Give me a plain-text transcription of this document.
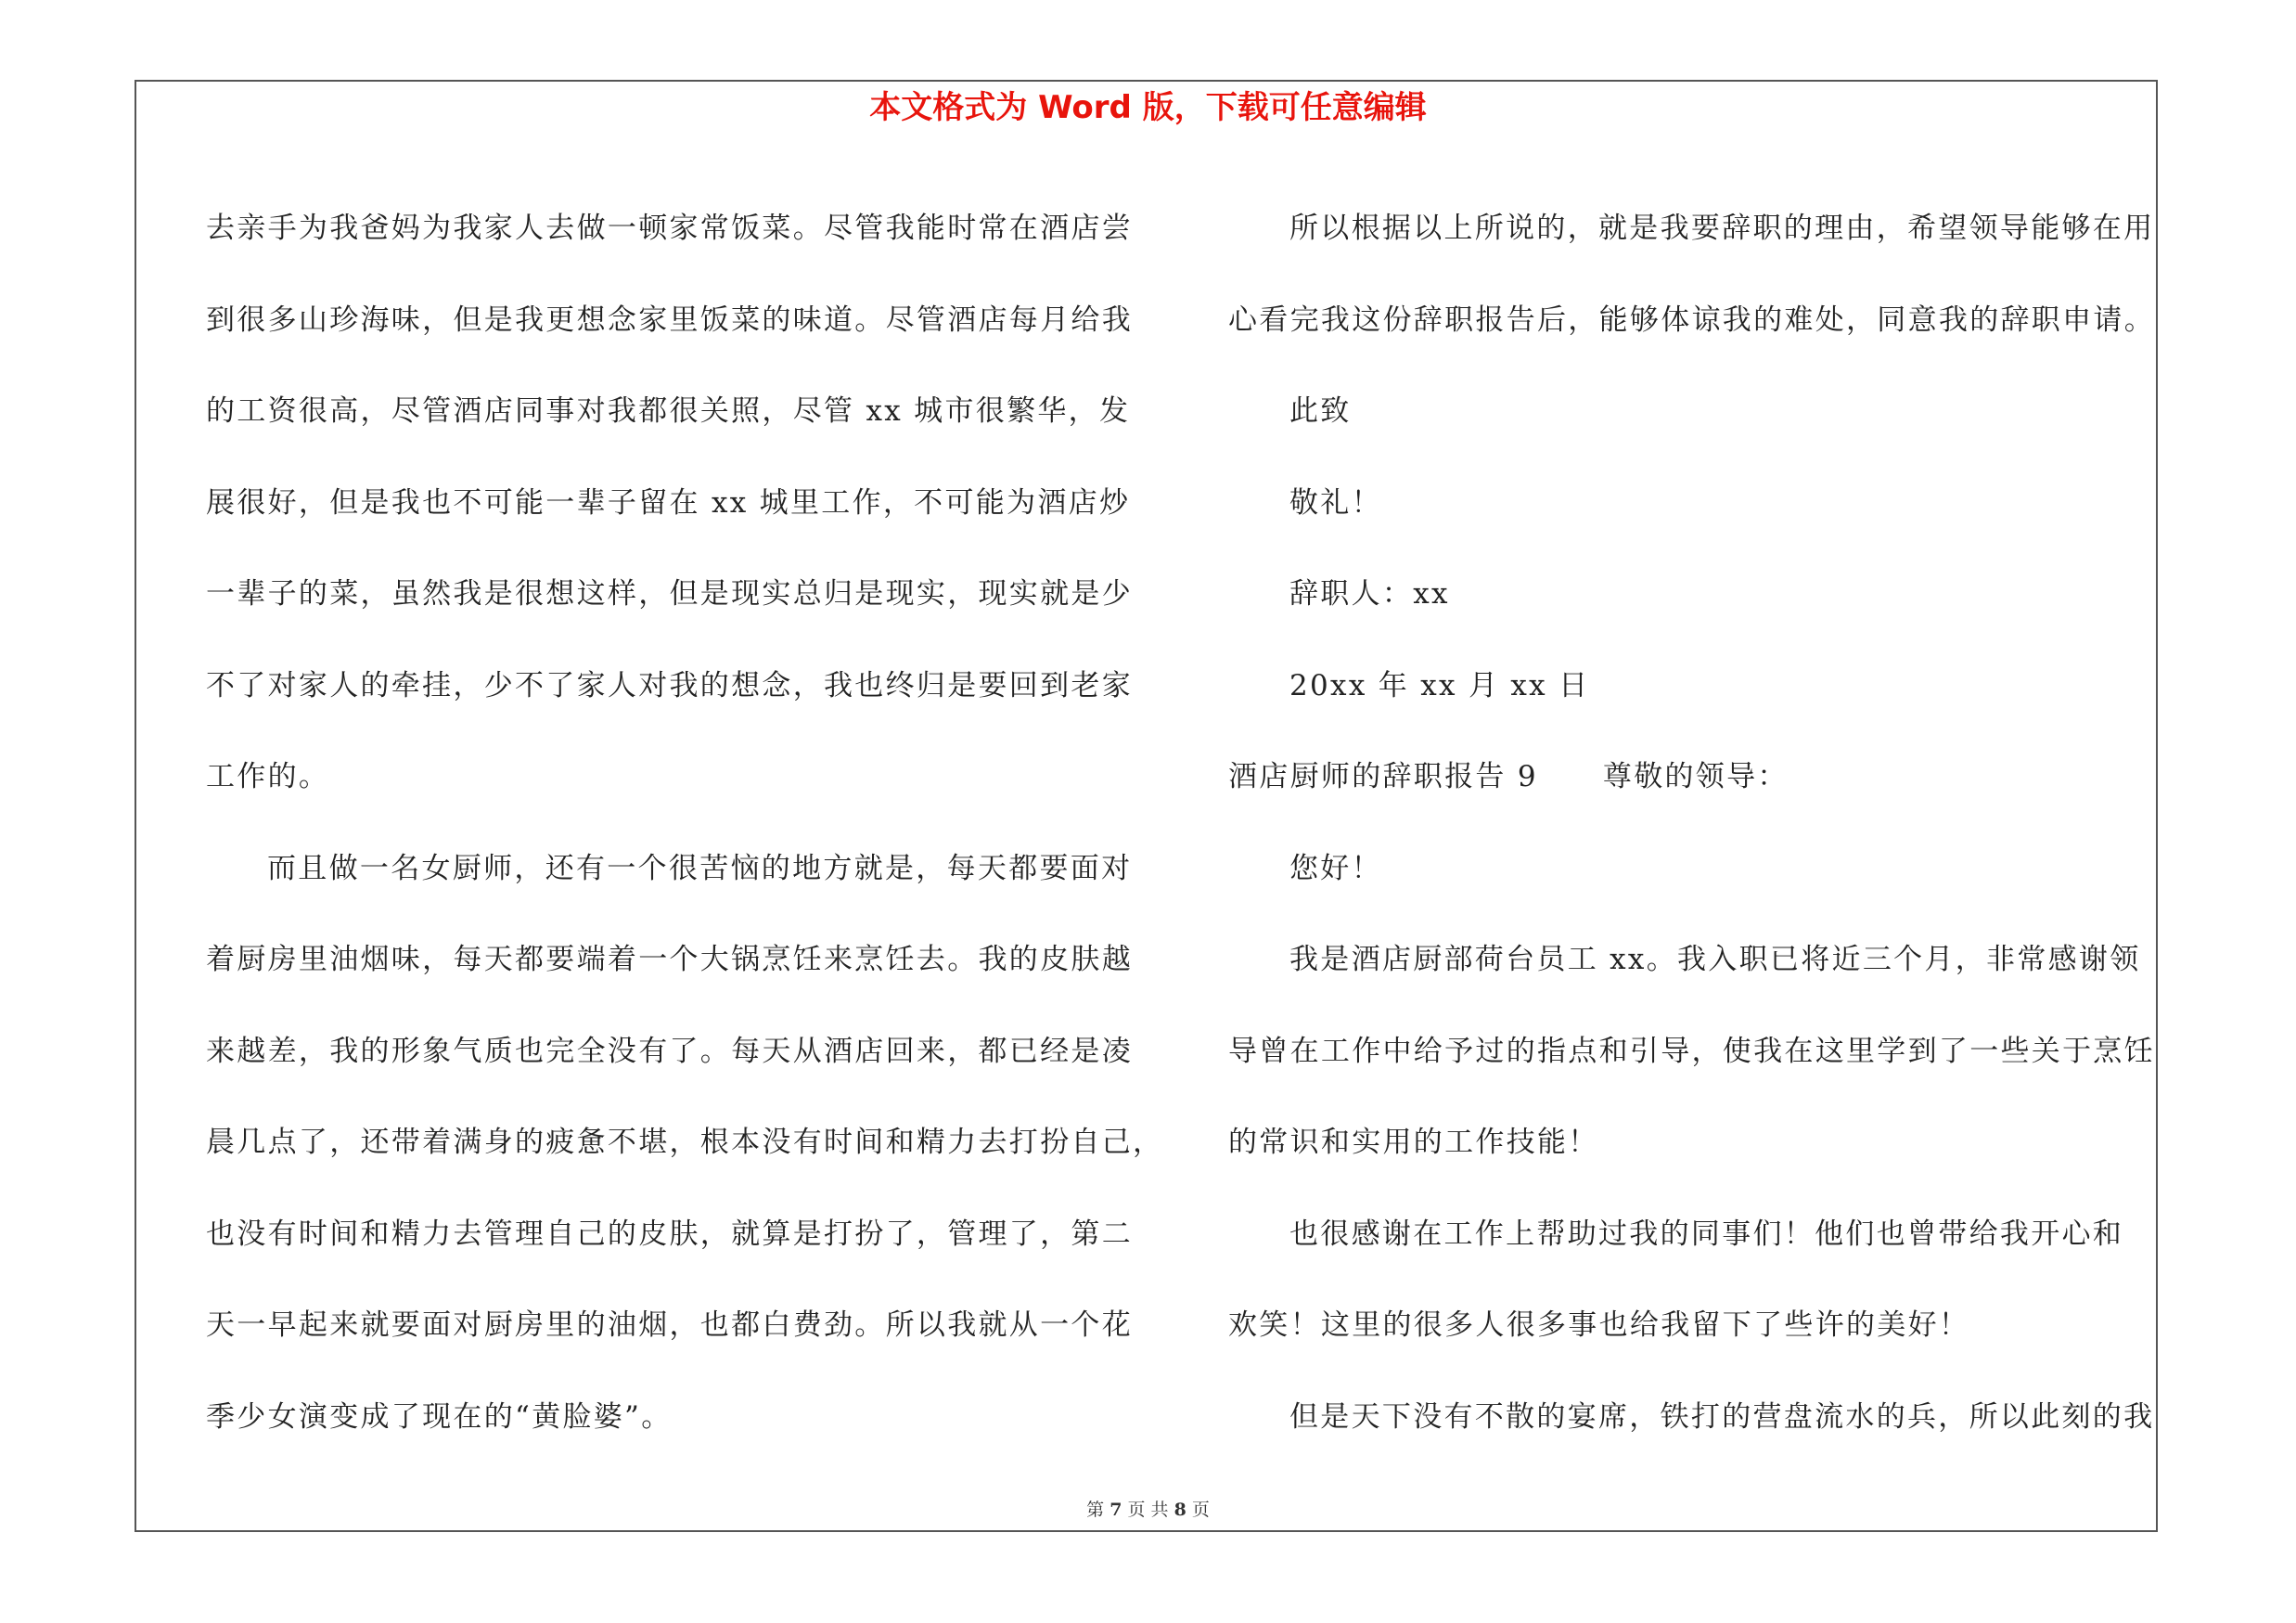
本文格式为 Word 版，下载可任意编辑
去亲手为我爸妈为我家人去做一顿家常饭菜。尽管我能时常在酒店尝
到很多山珍海味，但是我更想念家里饭菜的味道。尽管酒店每月给我
的工资很高，尽管酒店同事对我都很关照，尽管 xx 城市很繁华，发
展很好，但是我也不可能一辈子留在 xx 城里工作，不可能为酒店炒
一辈子的菜，虽然我是很想这样，但是现实总归是现实，现实就是少
不了对家人的牵挂，少不了家人对我的想念，我也终归是要回到老家
工作的。
而且做一名女厨师，还有一个很苦恼的地方就是，每天都要面对
着厨房里油烟味，每天都要端着一个大锅烹饪来烹饪去。我的皮肤越
来越差，我的形象气质也完全没有了。每天从酒店回来，都已经是凌
晨几点了，还带着满身的疲惫不堪，根本没有时间和精力去打扮自己，
也没有时间和精力去管理自己的皮肤，就算是打扮了，管理了，第二
天一早起来就要面对厨房里的油烟，也都白费劲。所以我就从一个花
季少女演变成了现在的“黄脸婆”。
所以根据以上所说的，就是我要辞职的理由，希望领导能够在用
心看完我这份辞职报告后，能够体谅我的难处，同意我的辞职申请。
此致
敬礼！
辞职人：xx
20xx 年 xx 月 xx 日
酒店厨师的辞职报告 9 尊敬的领导：
您好！
我是酒店厨部荷台员工 xx。我入职已将近三个月，非常感谢领
导曾在工作中给予过的指点和引导，使我在这里学到了一些关于烹饪
的常识和实用的工作技能！
也很感谢在工作上帮助过我的同事们！他们也曾带给我开心和
欢笑！这里的很多人很多事也给我留下了些许的美好！
但是天下没有不散的宴席，铁打的营盘流水的兵，所以此刻的我
第 7 页 共 8 页
